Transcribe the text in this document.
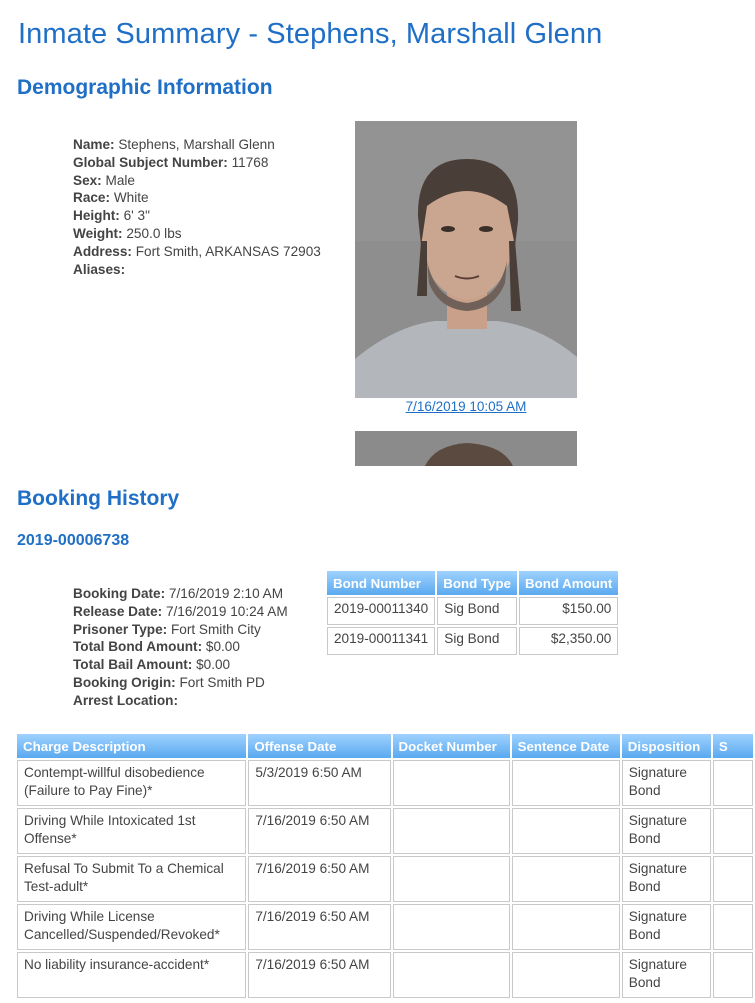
Inmate Summary - Stephens, Marshall Glenn
Demographic Information
Name: Stephens, Marshall Glenn
Global Subject Number: 11768
Sex: Male
Race: White
Height: 6' 3"
Weight: 250.0 lbs
Address: Fort Smith, ARKANSAS 72903
Aliases:
7/16/2019 10:05 AM
Booking History
2019-00006738
Booking Date: 7/16/2019 2:10 AM
Release Date: 7/16/2019 10:24 AM
Prisoner Type: Fort Smith City
Total Bond Amount: $0.00
Total Bail Amount: $0.00
Booking Origin: Fort Smith PD
Arrest Location:
Bond Number	Bond Type	Bond Amount
2019-00011340	Sig Bond	$150.00
2019-00011341	Sig Bond	$2,350.00
Charge Description	Offense Date	Docket Number	Sentence Date	Disposition	S
Contempt-willful disobedience (Failure to Pay Fine)*	5/3/2019 6:50 AM			Signature Bond	
Driving While Intoxicated 1st Offense*	7/16/2019 6:50 AM			Signature Bond	
Refusal To Submit To a Chemical Test-adult*	7/16/2019 6:50 AM			Signature Bond	
Driving While License Cancelled/Suspended/Revoked*	7/16/2019 6:50 AM			Signature Bond	
No liability insurance-accident*	7/16/2019 6:50 AM			Signature Bond	
